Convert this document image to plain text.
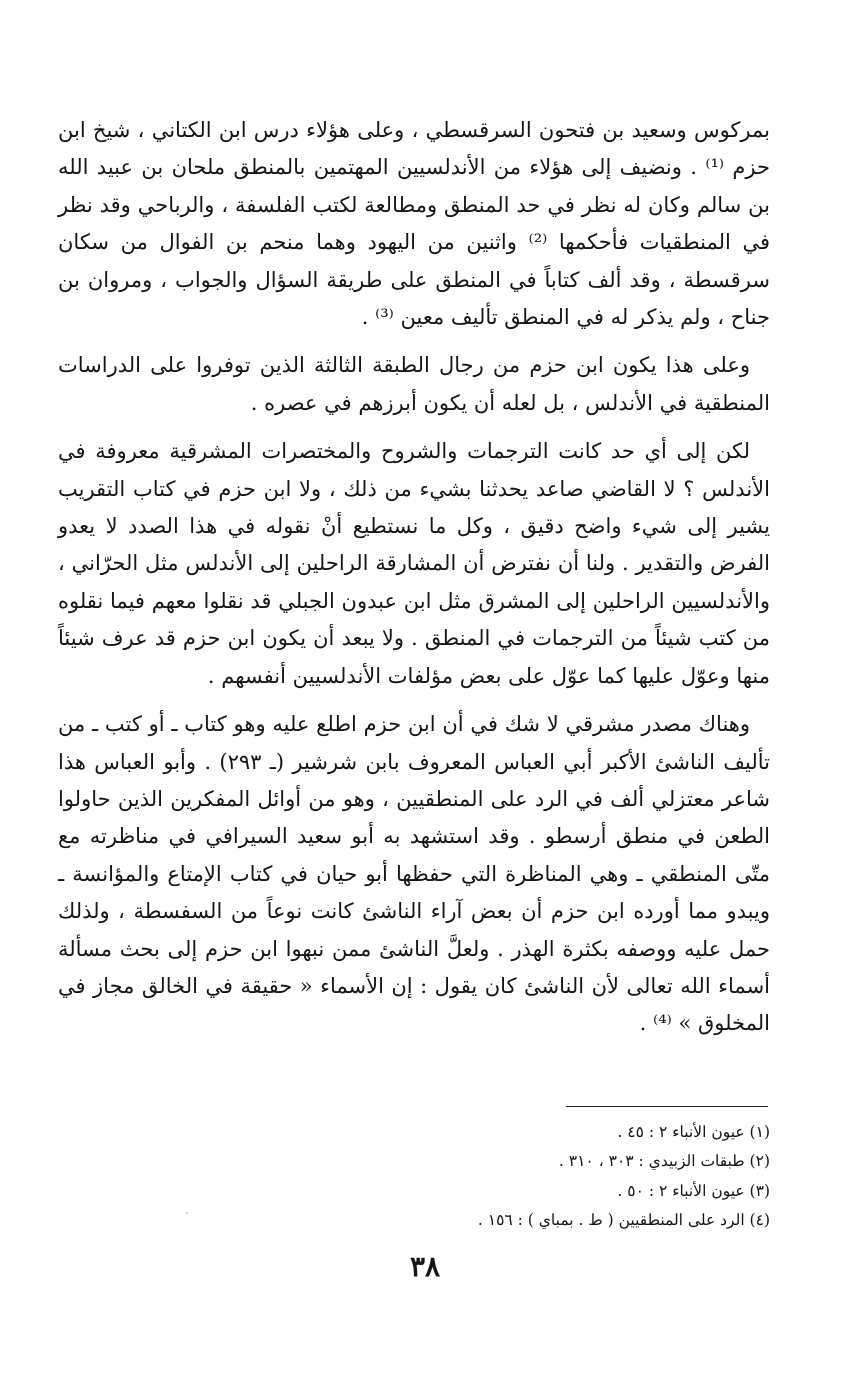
بمركوس وسعيد بن فتحون السرقسطي ، وعلى هؤلاء درس ابن الكتاني ، شيخ ابن حزم ⁽¹⁾ . ونضيف إلى هؤلاء من الأندلسيين المهتمين بالمنطق ملحان بن عبيد الله بن سالم وكان له نظر في حد المنطق ومطالعة لكتب الفلسفة ، والرباحي وقد نظر في المنطقيات فأحكمها ⁽²⁾ واثنين من اليهود وهما منحم بن الفوال من سكان سرقسطة ، وقد ألف كتاباً في المنطق على طريقة السؤال والجواب ، ومروان بن جناح ، ولم يذكر له في المنطق تأليف معين ⁽³⁾ .

وعلى هذا يكون ابن حزم من رجال الطبقة الثالثة الذين توفروا على الدراسات المنطقية في الأندلس ، بل لعله أن يكون أبرزهم في عصره .

لكن إلى أي حد كانت الترجمات والشروح والمختصرات المشرقية معروفة في الأندلس ؟ لا القاضي صاعد يحدثنا بشيء من ذلك ، ولا ابن حزم في كتاب التقريب يشير إلى شيء واضح دقيق ، وكل ما نستطيع أنْ نقوله في هذا الصدد لا يعدو الفرض والتقدير . ولنا أن نفترض أن المشارقة الراحلين إلى الأندلس مثل الحرّاني ، والأندلسيين الراحلين إلى المشرق مثل ابن عبدون الجبلي قد نقلوا معهم فيما نقلوه من كتب شيئاً من الترجمات في المنطق . ولا يبعد أن يكون ابن حزم قد عرف شيئاً منها وعوّل عليها كما عوّل على بعض مؤلفات الأندلسيين أنفسهم .

وهناك مصدر مشرقي لا شك في أن ابن حزم اطلع عليه وهو كتاب ـ أو كتب ـ من تأليف الناشئ الأكبر أبي العباس المعروف بابن شرشير (ـ ٢٩٣) . وأبو العباس هذا شاعر معتزلي ألف في الرد على المنطقيين ، وهو من أوائل المفكرين الذين حاولوا الطعن في منطق أرسطو . وقد استشهد به أبو سعيد السيرافي في مناظرته مع متّى المنطقي ـ وهي المناظرة التي حفظها أبو حيان في كتاب الإمتاع والمؤانسة ـ ويبدو مما أورده ابن حزم أن بعض آراء الناشئ كانت نوعاً من السفسطة ، ولذلك حمل عليه ووصفه بكثرة الهذر . ولعلَّ الناشئ ممن نبهوا ابن حزم إلى بحث مسألة أسماء الله تعالى لأن الناشئ كان يقول : إن الأسماء « حقيقة في الخالق مجاز في المخلوق » ⁽⁴⁾ .

(١) عيون الأنباء ٢ : ٤٥ .

(٢) طبقات الزبيدي : ٣٠٣ ، ٣١٠ .

(٣) عيون الأنباء ٢ : ٥٠ .

(٤) الرد على المنطقيين ( ط . بمباي ) : ١٥٦ .

٣٨
